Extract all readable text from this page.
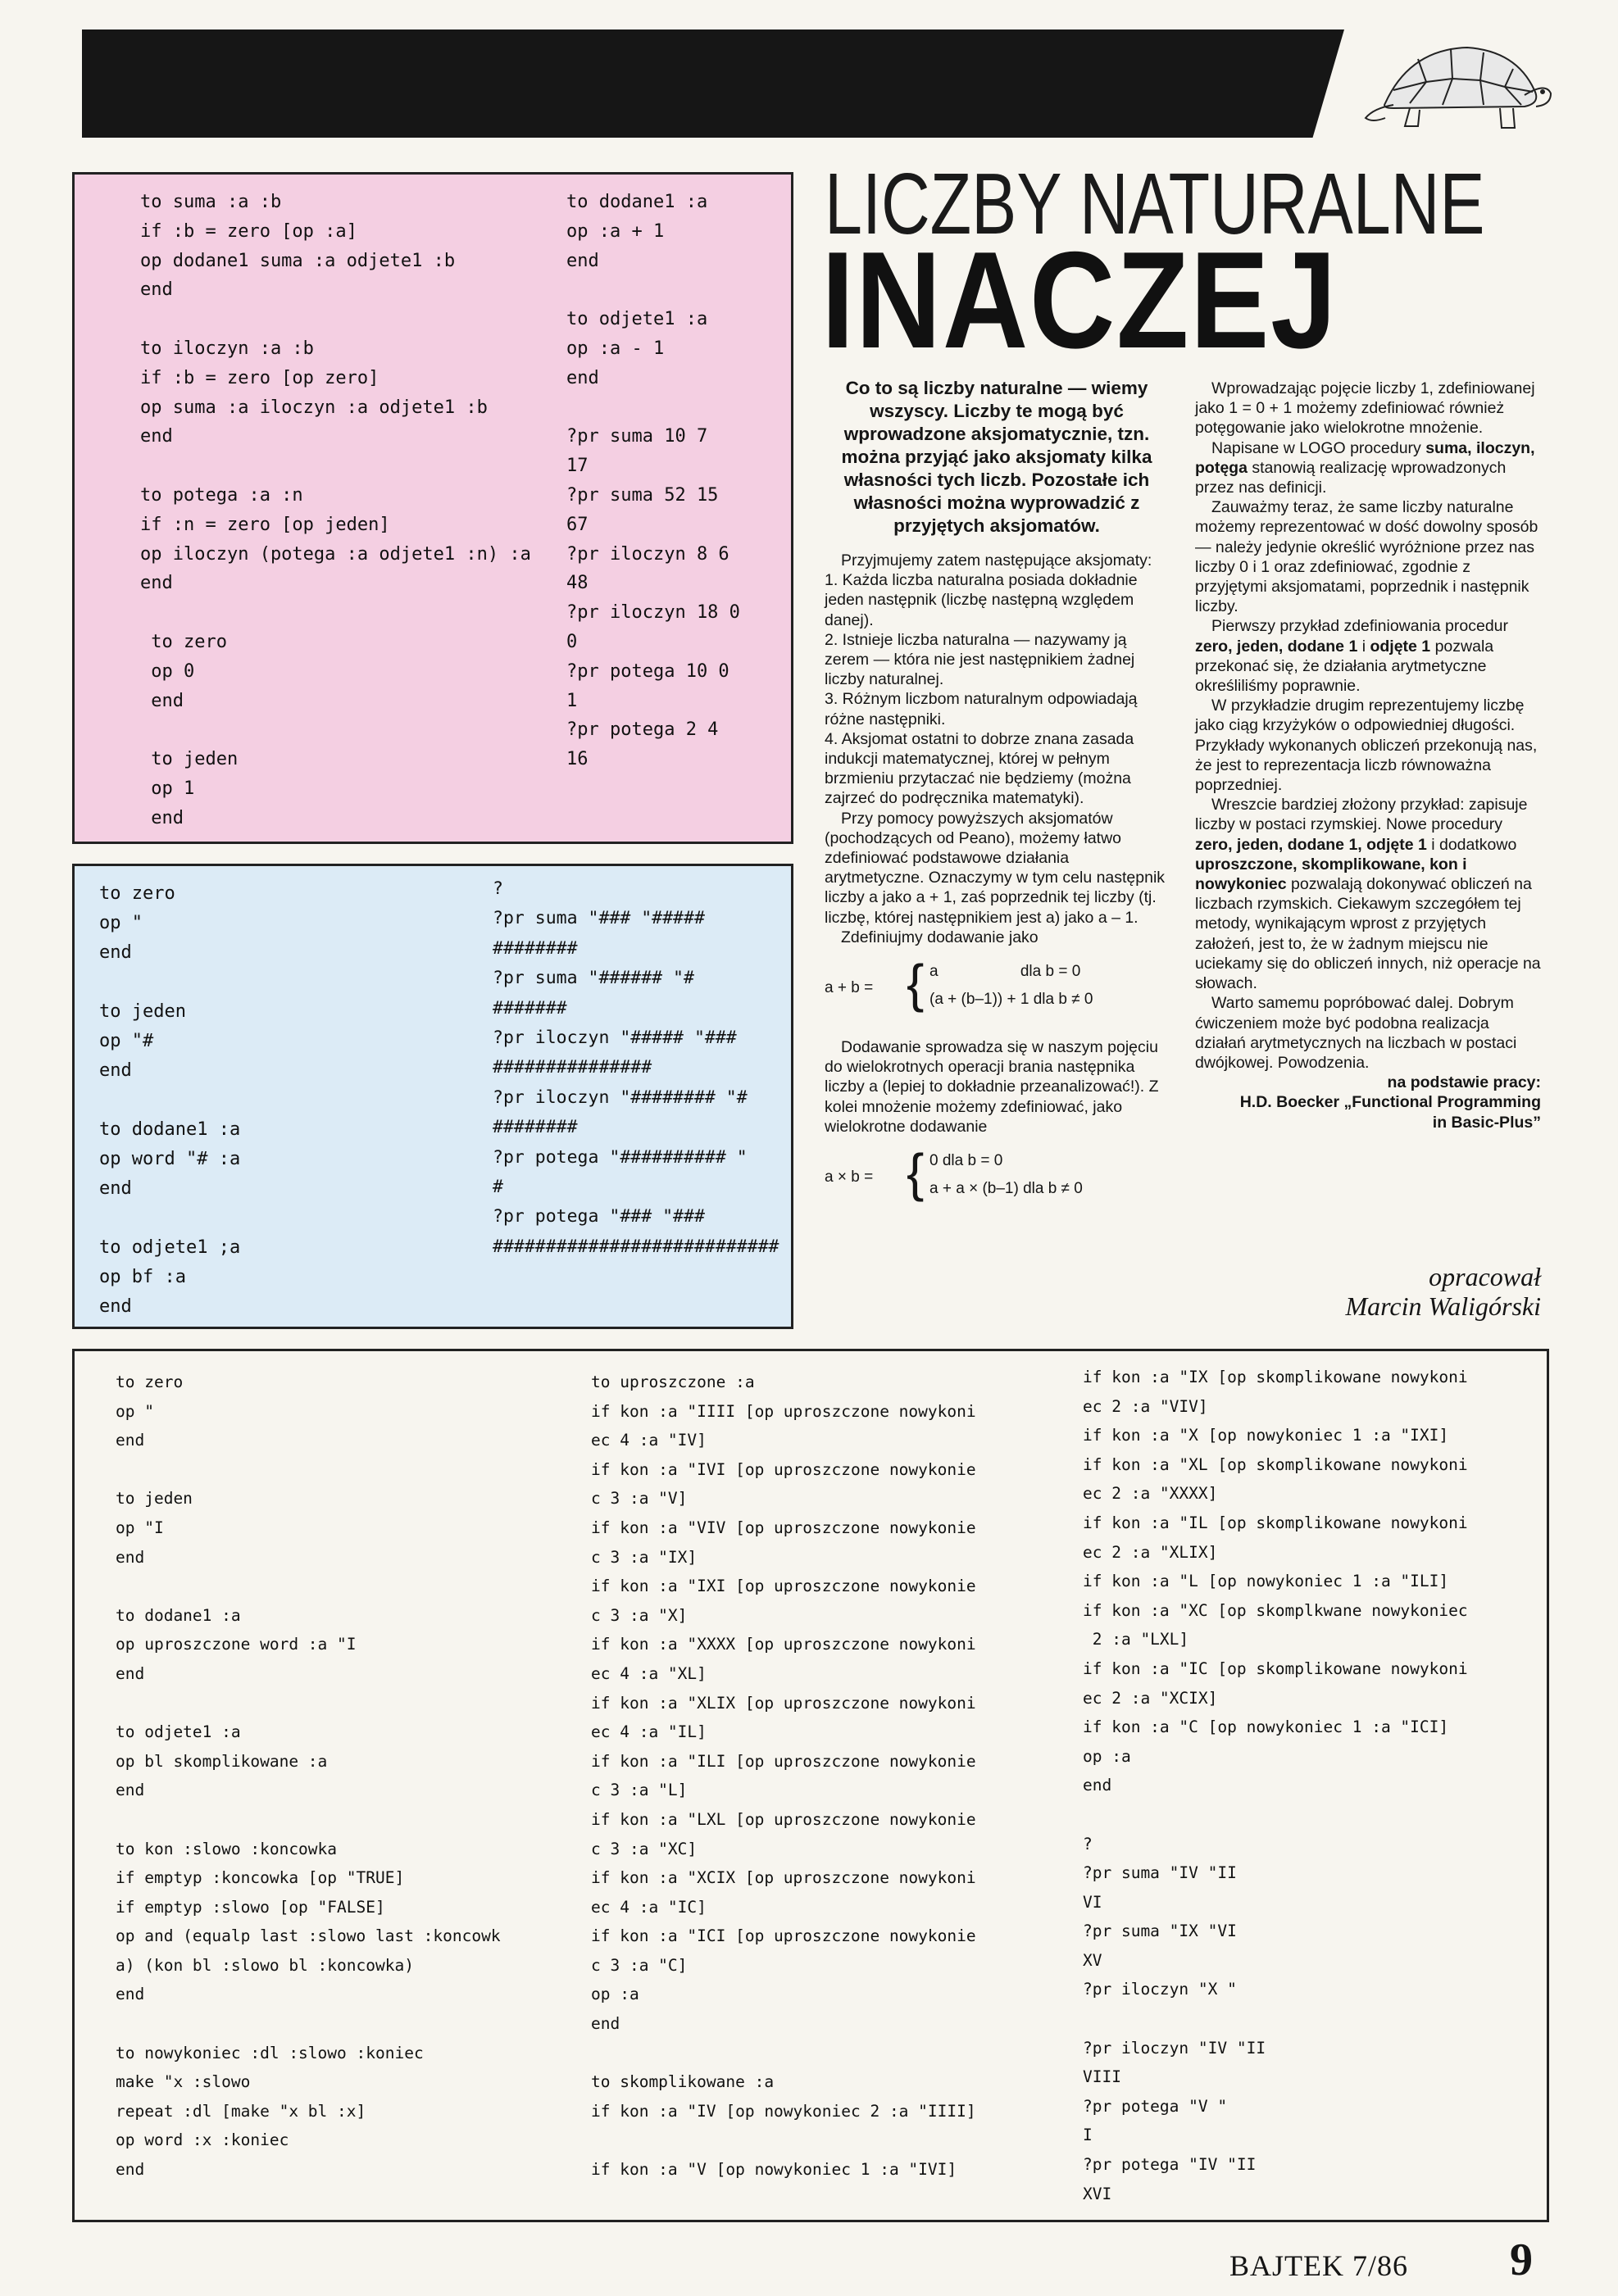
to suma :a :b
if :b = zero [op :a]
op dodane1 suma :a odjete1 :b
end

to iloczyn :a :b
if :b = zero [op zero]
op suma :a iloczyn :a odjete1 :b
end

to potega :a :n
if :n = zero [op jeden]
op iloczyn (potega :a odjete1 :n) :a
end

to zero
op 0
end

to jeden
op 1
end
to dodane1 :a
op :a + 1
end

to odjete1 :a
op :a - 1
end

?pr suma 10 7
17
?pr suma 52 15
67
?pr iloczyn 8 6
48
?pr iloczyn 18 0
0
?pr potega 10 0
1
?pr potega 2 4
16
to zero
op "
end

to jeden
op "#
end

to dodane1 :a
op word "# :a
end

to odjete1 ;a
op bf :a
end
?
?pr suma "### "#####
########
?pr suma "###### "#
#######
?pr iloczyn "##### "###
###############
?pr iloczyn "######## "#
########
?pr potega "########## "
#
?pr potega "### "###
###########################
to zero
op "
end

to jeden
op "I
end

to dodane1 :a
op uproszczone word :a "I
end

to odjete1 :a
op bl skomplikowane :a
end

to kon :slowo :koncowka
if emptyp :koncowka [op "TRUE]
if emptyp :slowo [op "FALSE]
op and (equalp last :slowo last :koncowk
a) (kon bl :slowo bl :koncowka)
end

to nowykoniec :dl :slowo :koniec
make "x :slowo
repeat :dl [make "x bl :x]
op word :x :koniec
end
to uproszczone :a
if kon :a "IIII [op uproszczone nowykoni
ec 4 :a "IV]
if kon :a "IVI [op uproszczone nowykonie
c 3 :a "V]
if kon :a "VIV [op uproszczone nowykonie
c 3 :a "IX]
if kon :a "IXI [op uproszczone nowykonie
c 3 :a "X]
if kon :a "XXXX [op uproszczone nowykoni
ec 4 :a "XL]
if kon :a "XLIX [op uproszczone nowykoni
ec 4 :a "IL]
if kon :a "ILI [op uproszczone nowykonie
c 3 :a "L]
if kon :a "LXL [op uproszczone nowykonie
c 3 :a "XC]
if kon :a "XCIX [op uproszczone nowykoni
ec 4 :a "IC]
if kon :a "ICI [op uproszczone nowykonie
c 3 :a "C]
op :a
end

to skomplikowane :a
if kon :a "IV [op nowykoniec 2 :a "IIII]

if kon :a "V [op nowykoniec 1 :a "IVI]
if kon :a "IX [op skomplikowane nowykoni
ec 2 :a "VIV]
if kon :a "X [op nowykoniec 1 :a "IXI]
if kon :a "XL [op skomplikowane nowykoni
ec 2 :a "XXXX]
if kon :a "IL [op skomplikowane nowykoni
ec 2 :a "XLIX]
if kon :a "L [op nowykoniec 1 :a "ILI]
if kon :a "XC [op skomplkwane nowykoniec
2 :a "LXL]
if kon :a "IC [op skomplikowane nowykoni
ec 2 :a "XCIX]
if kon :a "C [op nowykoniec 1 :a "ICI]
op :a
end

?
?pr suma "IV "II
VI
?pr suma "IX "VI
XV
?pr iloczyn "X "

?pr iloczyn "IV "II
VIII
?pr potega "V "
I
?pr potega "IV "II
XVI
LICZBY NATURALNE
INACZEJ

Co to są liczby naturalne — wiemy wszyscy. Liczby te mogą być wprowadzone aksjomatycznie, tzn. można przyjąć jako aksjomaty kilka własności tych liczb. Pozostałe ich własności można wyprowadzić z przyjętych aksjomatów.

Przyjmujemy zatem następujące aksjomaty:

1. Każda liczba naturalna posiada dokładnie jeden następnik (liczbę następną względem danej).

2. Istnieje liczba naturalna — nazywamy ją zerem — która nie jest następnikiem żadnej liczby naturalnej.

3. Różnym liczbom naturalnym odpowiadają różne następniki.

4. Aksjomat ostatni to dobrze znana zasada indukcji matematycznej, której w pełnym brzmieniu przytaczać nie będziemy (można zajrzeć do podręcznika matematyki).

Przy pomocy powyższych aksjomatów (pochodzących od Peano), możemy łatwo zdefiniować podstawowe działania arytmetyczne. Oznaczymy w tym celu następnik liczby a jako a + 1, zaś poprzednik tej liczby (tj. liczbę, której następnikiem jest a) jako a – 1.

Zdefiniujmy dodawanie jako

a + b = { a                   dla b = 0
(a + (b–1)) + 1 dla b ≠ 0

Dodawanie sprowadza się w naszym pojęciu do wielokrotnych operacji brania następnika liczby a (lepiej to dokładnie przeanalizować!). Z kolei mnożenie możemy zdefiniować, jako wielokrotne dodawanie

a × b = { 0 dla b = 0
a + a × (b–1) dla b ≠ 0

Wprowadzając pojęcie liczby 1, zdefiniowanej jako 1 = 0 + 1 możemy zdefiniować również potęgowanie jako wielokrotne mnożenie.

Napisane w LOGO procedury suma, iloczyn, potęga stanowią realizację wprowadzonych przez nas definicji.

Zauważmy teraz, że same liczby naturalne możemy reprezentować w dość dowolny sposób — należy jedynie określić wyróżnione przez nas liczby 0 i 1 oraz zdefiniować, zgodnie z przyjętymi aksjomatami, poprzednik i następnik liczby.

Pierwszy przykład zdefiniowania procedur zero, jeden, dodane 1 i odjęte 1 pozwala przekonać się, że działania arytmetyczne określiliśmy poprawnie.

W przykładzie drugim reprezentujemy liczbę jako ciąg krzyżyków o odpowiedniej długości. Przykłady wykonanych obliczeń przekonują nas, że jest to reprezentacja liczb równoważna poprzedniej.

Wreszcie bardziej złożony przykład: zapisuje liczby w postaci rzymskiej. Nowe procedury zero, jeden, dodane 1, odjęte 1 i dodatkowo uproszczone, skomplikowane, kon i nowykoniec pozwalają dokonywać obliczeń na liczbach rzymskich. Ciekawym szczegółem tej metody, wynikającym wprost z przyjętych założeń, jest to, że w żadnym miejscu nie uciekamy się do obliczeń innych, niż operacje na słowach.

Warto samemu popróbować dalej. Dobrym ćwiczeniem może być podobna realizacja działań arytmetycznych na liczbach w postaci dwójkowej. Powodzenia.

na podstawie pracy:

H.D. Boecker „Functional Programming

in Basic-Plus”

opracował
Marcin Waligórski
BAJTEK 7/86 9
